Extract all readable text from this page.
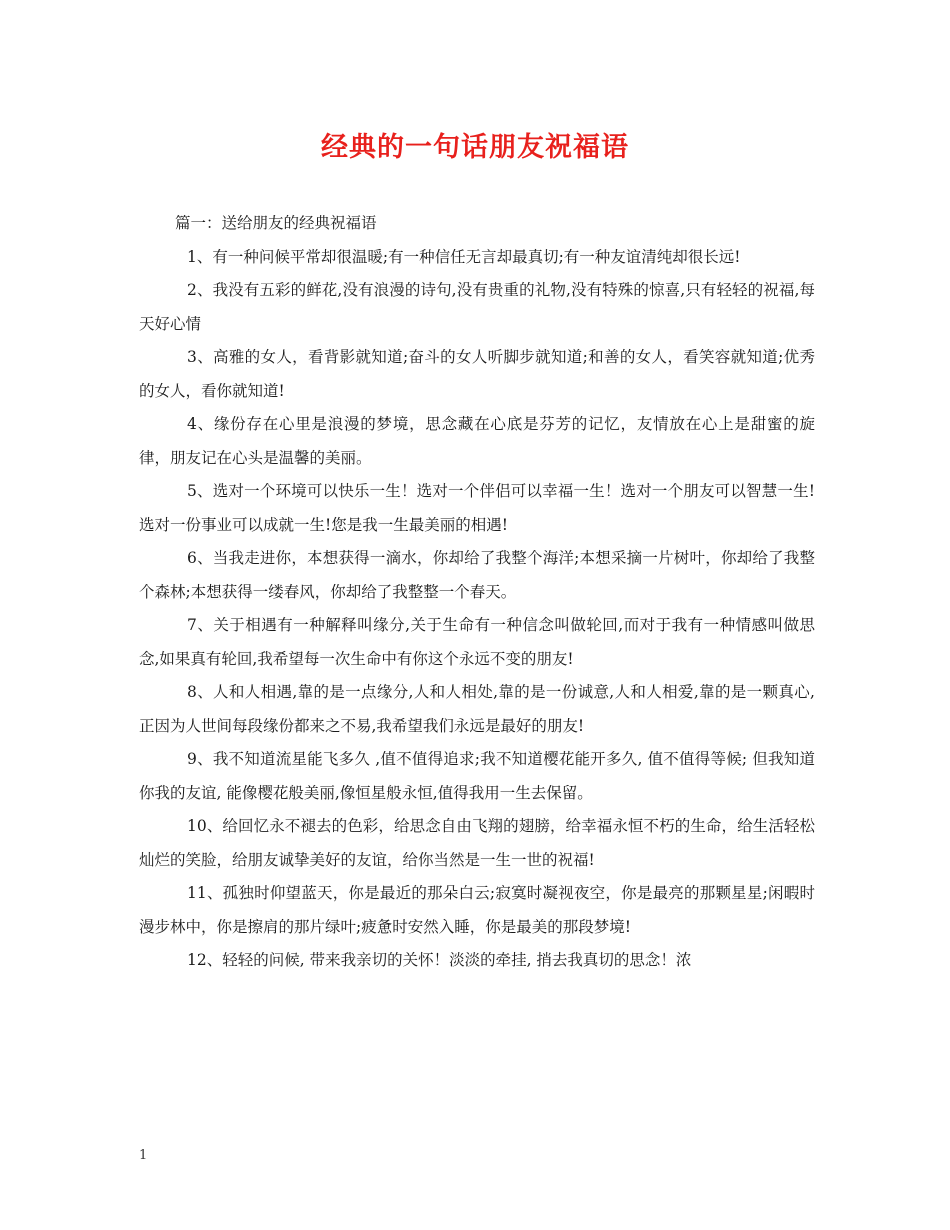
经典的一句话朋友祝福语

篇一：送给朋友的经典祝福语

1、有一种问候平常却很温暖;有一种信任无言却最真切;有一种友谊清纯却很长远!

2、我没有五彩的鲜花,没有浪漫的诗句,没有贵重的礼物,没有特殊的惊喜,只有轻轻的祝福,每天好心情

3、高雅的女人，看背影就知道;奋斗的女人听脚步就知道;和善的女人，看笑容就知道;优秀的女人，看你就知道!

4、缘份存在心里是浪漫的梦境，思念藏在心底是芬芳的记忆，友情放在心上是甜蜜的旋律，朋友记在心头是温馨的美丽。

5、选对一个环境可以快乐一生！选对一个伴侣可以幸福一生！选对一个朋友可以智慧一生!选对一份事业可以成就一生!您是我一生最美丽的相遇!

6、当我走进你，本想获得一滴水，你却给了我整个海洋;本想采摘一片树叶，你却给了我整个森林;本想获得一缕春风，你却给了我整整一个春天。

7、关于相遇有一种解释叫缘分,关于生命有一种信念叫做轮回,而对于我有一种情感叫做思念,如果真有轮回,我希望每一次生命中有你这个永远不变的朋友!

8、人和人相遇,靠的是一点缘分,人和人相处,靠的是一份诚意,人和人相爱,靠的是一颗真心,正因为人世间每段缘份都来之不易,我希望我们永远是最好的朋友!

9、我不知道流星能飞多久 ,值不值得追求;我不知道樱花能开多久, 值不值得等候; 但我知道你我的友谊, 能像樱花般美丽,像恒星般永恒,值得我用一生去保留。

10、给回忆永不褪去的色彩，给思念自由飞翔的翅膀，给幸福永恒不朽的生命，给生活轻松灿烂的笑脸，给朋友诚挚美好的友谊，给你当然是一生一世的祝福!

11、孤独时仰望蓝天，你是最近的那朵白云;寂寞时凝视夜空，你是最亮的那颗星星;闲暇时漫步林中，你是擦肩的那片绿叶;疲惫时安然入睡，你是最美的那段梦境!

12、轻轻的问候, 带来我亲切的关怀！淡淡的牵挂, 捎去我真切的思念！浓

1
